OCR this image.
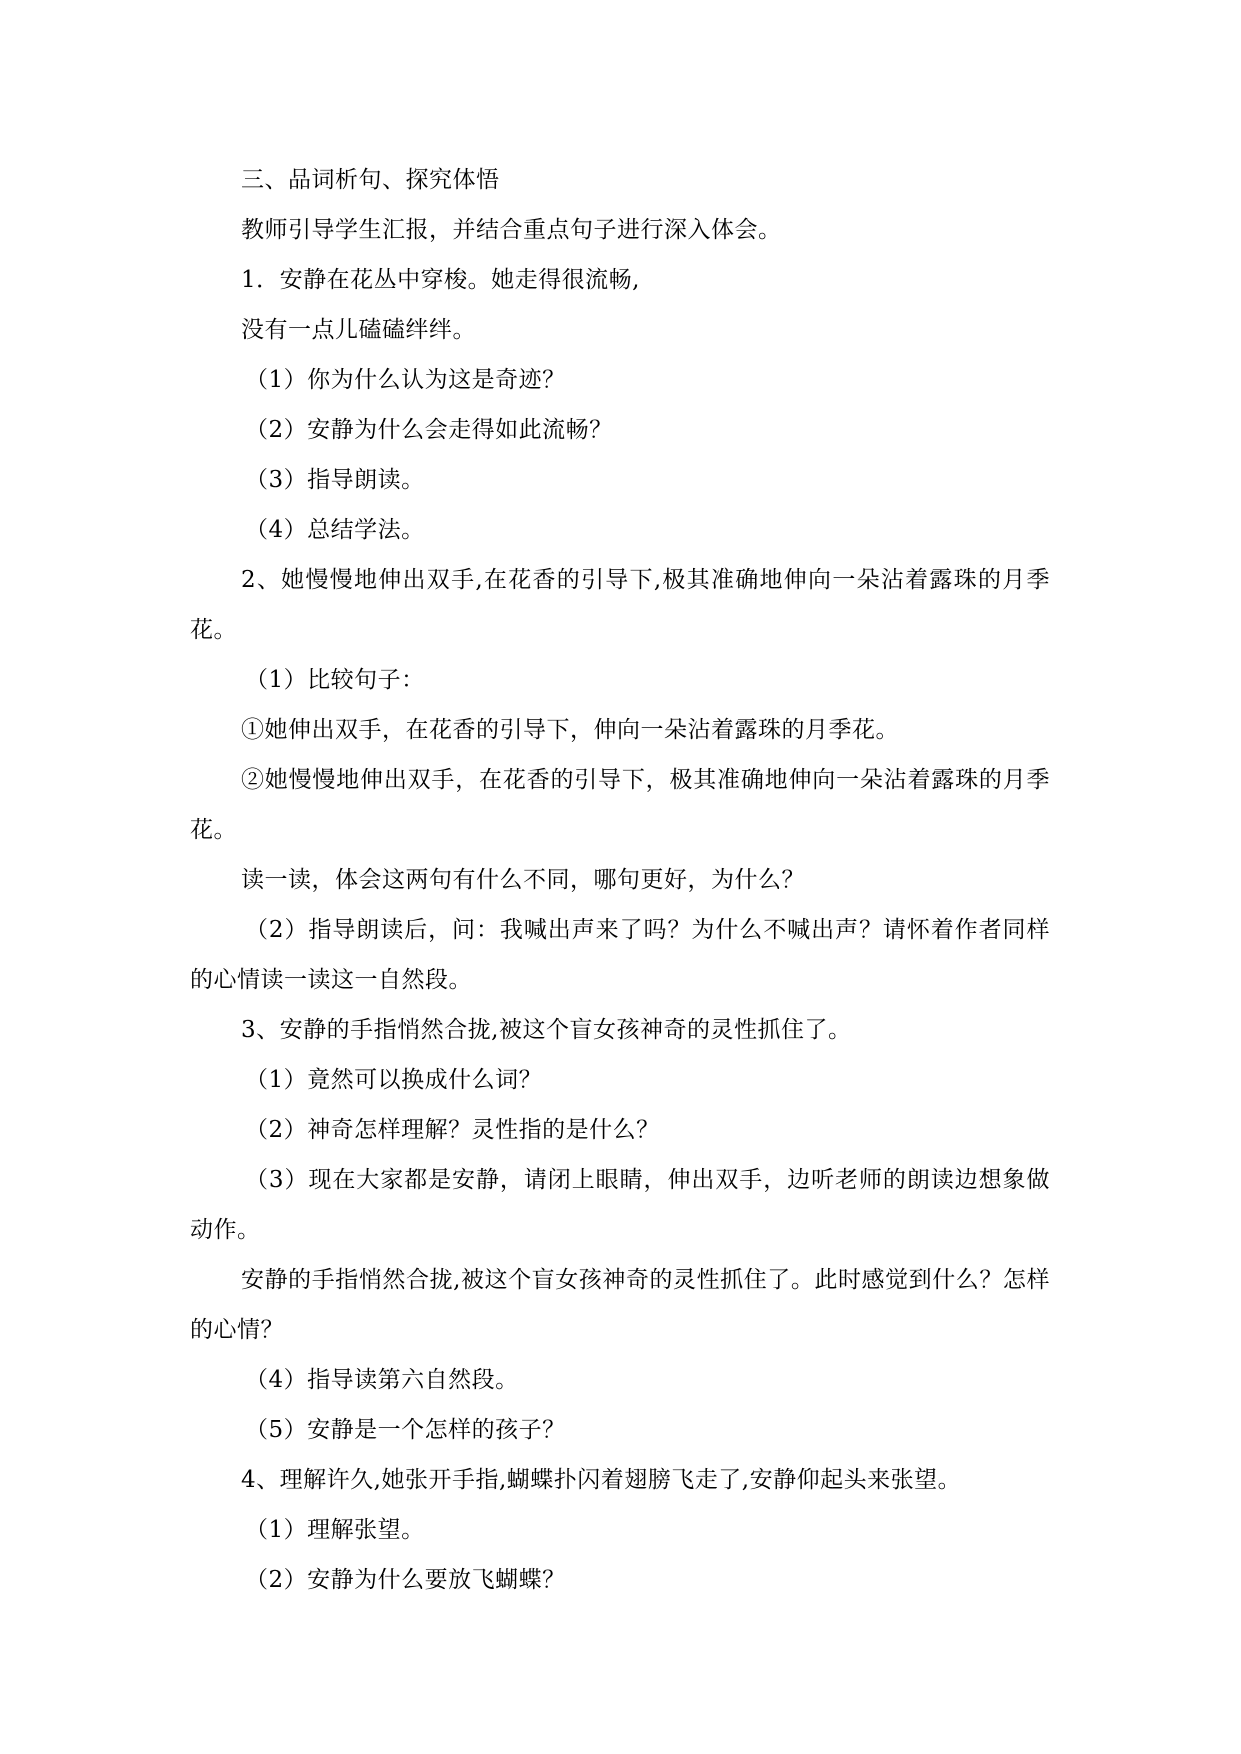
三、品词析句、探究体悟
教师引导学生汇报，并结合重点句子进行深入体会。
1．安静在花丛中穿梭。她走得很流畅,
没有一点儿磕磕绊绊。
（1）你为什么认为这是奇迹？
（2）安静为什么会走得如此流畅？
（3）指导朗读。
（4）总结学法。
2、她慢慢地伸出双手,在花香的引导下,极其准确地伸向一朵沾着露珠的月季花。
（1）比较句子：
①她伸出双手，在花香的引导下，伸向一朵沾着露珠的月季花。
②她慢慢地伸出双手，在花香的引导下，极其准确地伸向一朵沾着露珠的月季花。
读一读，体会这两句有什么不同，哪句更好，为什么？
（2）指导朗读后，问：我喊出声来了吗？为什么不喊出声？请怀着作者同样的心情读一读这一自然段。
3、安静的手指悄然合拢,被这个盲女孩神奇的灵性抓住了。
（1）竟然可以换成什么词？
（2）神奇怎样理解？灵性指的是什么？
（3）现在大家都是安静，请闭上眼睛，伸出双手，边听老师的朗读边想象做动作。
安静的手指悄然合拢,被这个盲女孩神奇的灵性抓住了。此时感觉到什么？怎样的心情？
（4）指导读第六自然段。
（5）安静是一个怎样的孩子？
4、理解许久,她张开手指,蝴蝶扑闪着翅膀飞走了,安静仰起头来张望。
（1）理解张望。
（2）安静为什么要放飞蝴蝶？
